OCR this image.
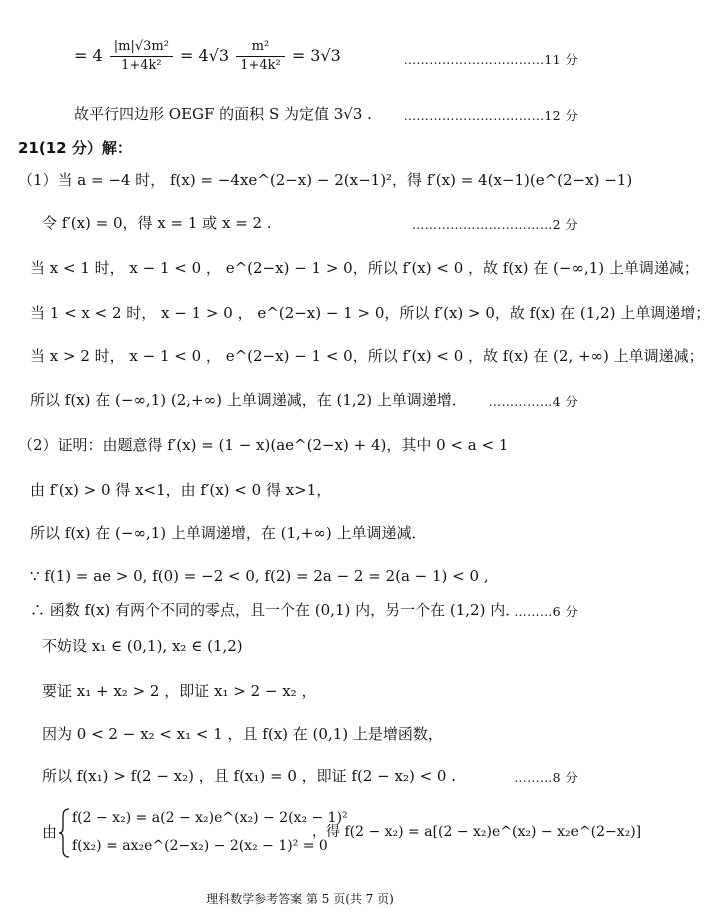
= $4 \frac{\text{|m|√3m²}}{\text{1+4k²}} = 4√3 \frac{\text{m²}}{\text{1+4k²}} = 3√3$	……………………………11 分
故平行四边形 OEGF 的面积 S 为定值 3√3 .	……………………………12 分
21(12 分）解：
（1）当 a = −4 时， f(x) = −4xe^(2−x) − 2(x−1)²，得 f′(x) = 4(x−1)(e^(2−x) −1)
令 f′(x) = 0，得 x = 1 或 x = 2 .	……………………………2 分
当 x < 1 时， x − 1 < 0 ， e^(2−x) − 1 > 0，所以 f′(x) < 0 ，故 f(x) 在 (−∞,1) 上单调递减；
当 1 < x < 2 时， x − 1 > 0 ， e^(2−x) − 1 > 0，所以 f′(x) > 0，故 f(x) 在 (1,2) 上单调递增；
当 x > 2 时， x − 1 < 0 ， e^(2−x) − 1 < 0，所以 f′(x) < 0 ，故 f(x) 在 (2, +∞) 上单调递减；
所以 f(x) 在 (−∞,1) (2,+∞) 上单调递减，在 (1,2) 上单调递增． ……………4 分
（2）证明：由题意得 f′(x) = (1 − x)(ae^(2−x) + 4)，其中 0 < a < 1
由 f′(x) > 0 得 x<1，由 f′(x) < 0 得 x>1，
所以 f(x) 在 (−∞,1) 上单调递增，在 (1,+∞) 上单调递减．
∵ f(1) = ae > 0, f(0) = −2 < 0, f(2) = 2a − 2 = 2(a − 1) < 0 ,
∴ 函数 f(x) 有两个不同的零点，且一个在 (0,1) 内，另一个在 (1,2) 内．
………6 分
不妨设 x₁ ∈ (0,1), x₂ ∈ (1,2)
要证 x₁ + x₂ > 2 ，即证 x₁ > 2 − x₂ ，
因为 0 < 2 − x₂ < x₁ < 1 ，且 f(x) 在 (0,1) 上是增函数，
所以 f(x₁) > f(2 − x₂) ，且 f(x₁) = 0 ，即证 f(2 − x₂) < 0 .	………8 分
由
f(2 − x₂) = a(2 − x₂)e^(x₂) − 2(x₂ − 1)²
f(x₂) = ax₂e^(2−x₂) − 2(x₂ − 1)² = 0
，得 f(2 − x₂) = a[(2 − x₂)e^(x₂) − x₂e^(2−x₂)]
理科数学参考答案 第 5 页(共 7 页)
